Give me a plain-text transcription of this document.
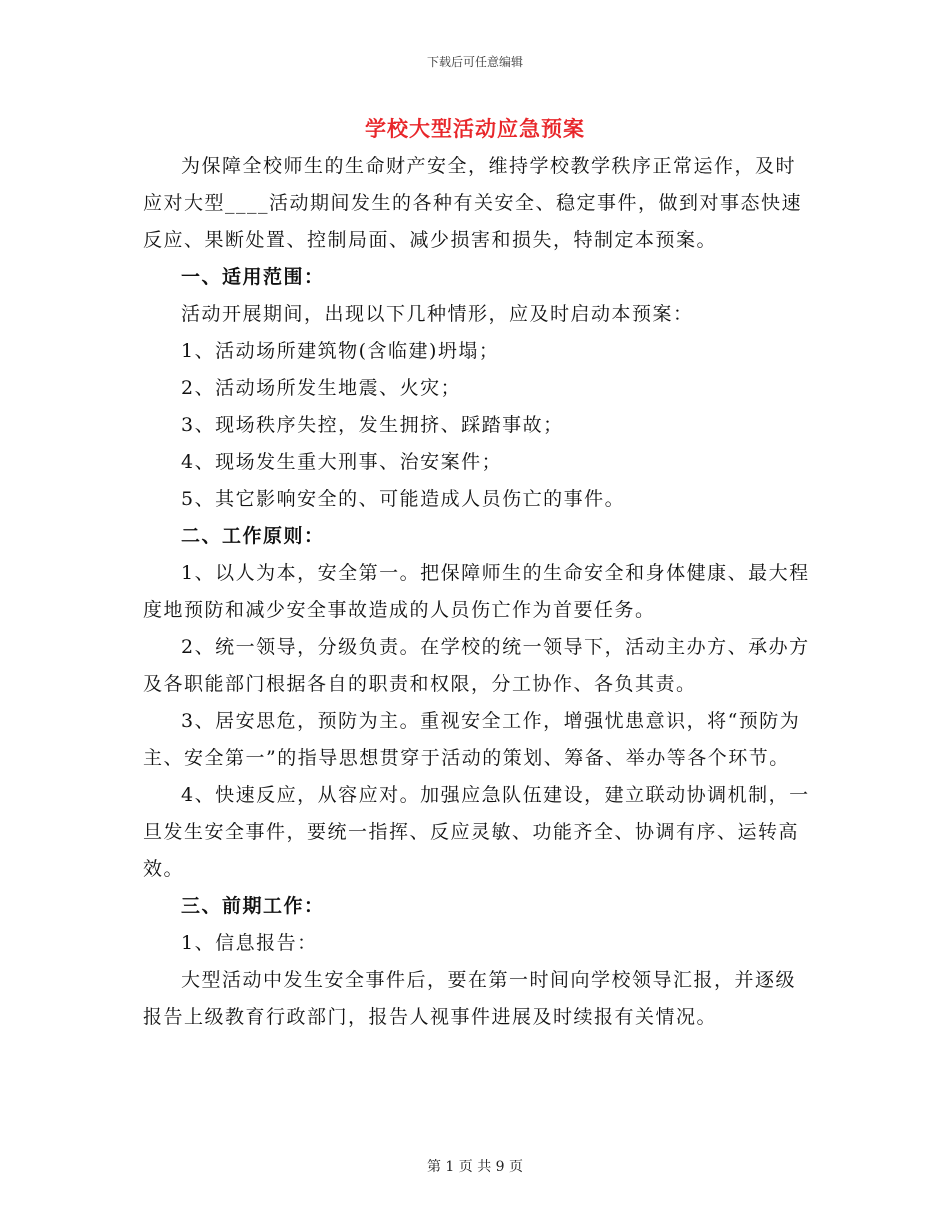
下载后可任意编辑
学校大型活动应急预案

为保障全校师生的生命财产安全，维持学校教学秩序正常运作，及时应对大型____活动期间发生的各种有关安全、稳定事件，做到对事态快速反应、果断处置、控制局面、减少损害和损失，特制定本预案。

一、适用范围：

活动开展期间，出现以下几种情形，应及时启动本预案：

1、活动场所建筑物(含临建)坍塌；

2、活动场所发生地震、火灾；

3、现场秩序失控，发生拥挤、踩踏事故；

4、现场发生重大刑事、治安案件；

5、其它影响安全的、可能造成人员伤亡的事件。

二、工作原则：

1、以人为本，安全第一。把保障师生的生命安全和身体健康、最大程度地预防和减少安全事故造成的人员伤亡作为首要任务。

2、统一领导，分级负责。在学校的统一领导下，活动主办方、承办方及各职能部门根据各自的职责和权限，分工协作、各负其责。

3、居安思危，预防为主。重视安全工作，增强忧患意识，将“预防为主、安全第一”的指导思想贯穿于活动的策划、筹备、举办等各个环节。

4、快速反应，从容应对。加强应急队伍建设，建立联动协调机制，一旦发生安全事件，要统一指挥、反应灵敏、功能齐全、协调有序、运转高效。

三、前期工作：

1、信息报告：

大型活动中发生安全事件后，要在第一时间向学校领导汇报，并逐级报告上级教育行政部门，报告人视事件进展及时续报有关情况。

第 1 页 共 9 页
